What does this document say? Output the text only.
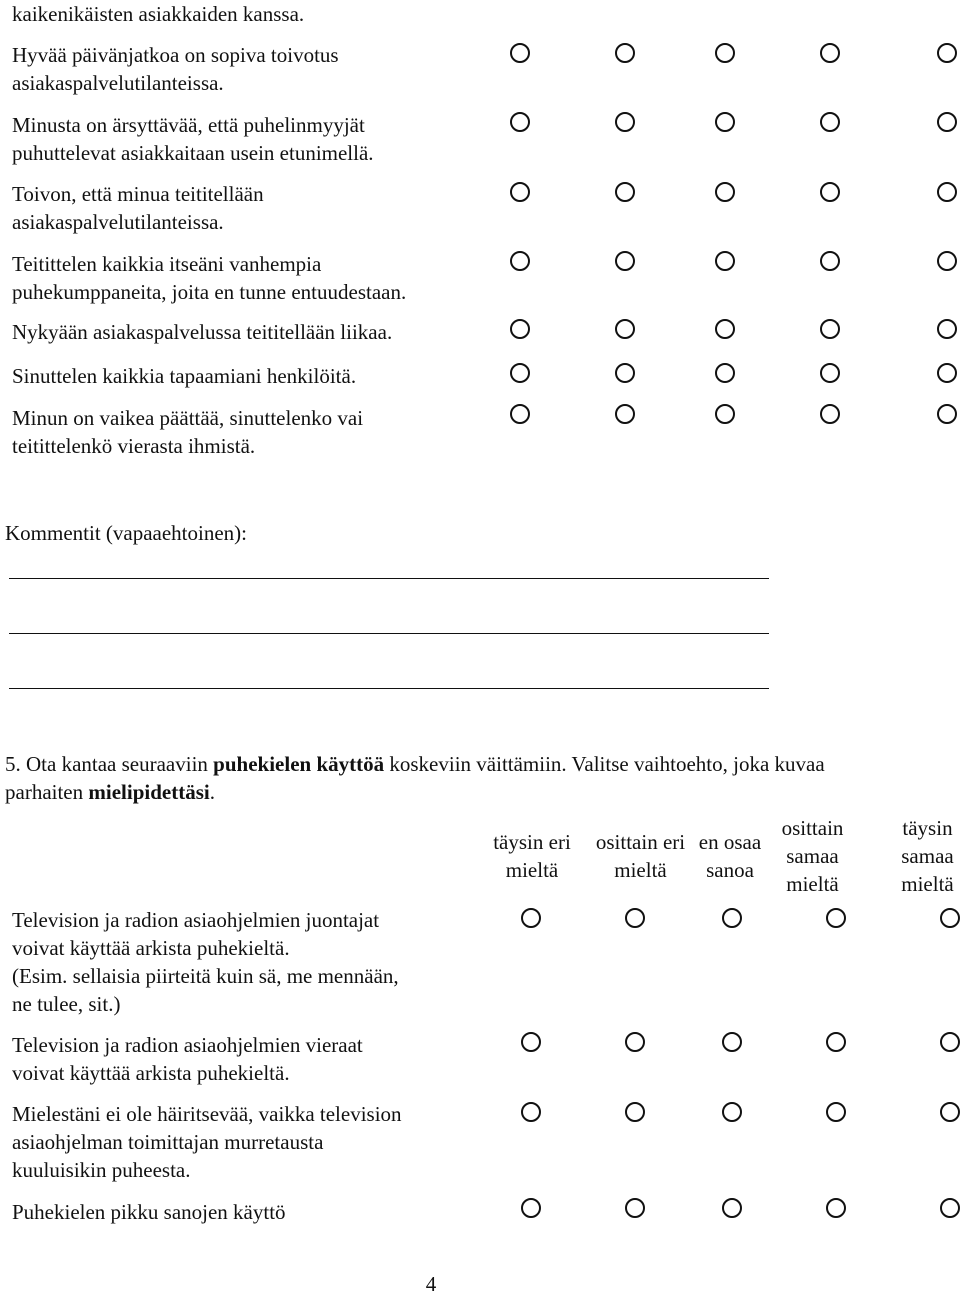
kaikenikäisten asiakkaiden kanssa.
Hyvää päivänjatkoa on sopiva toivotus
asiakaspalvelutilanteissa.
Minusta on ärsyttävää, että puhelinmyyjät
puhuttelevat asiakkaitaan usein etunimellä.
Toivon, että minua teititellään
asiakaspalvelutilanteissa.
Teitittelen kaikkia itseäni vanhempia
puhekumppaneita, joita en tunne entuudestaan.
Nykyään asiakaspalvelussa teititellään liikaa.
Sinuttelen kaikkia tapaamiani henkilöitä.
Minun on vaikea päättää, sinuttelenko vai
teitittelenkö vierasta ihmistä.
Kommentit (vapaaehtoinen):
5. Ota kantaa seuraaviin puhekielen käyttöä koskeviin väittämiin. Valitse vaihtoehto, joka kuvaa
parhaiten mielipidettäsi.
täysin eri
mieltä
osittain eri
mieltä
en osaa
sanoa
osittain
samaa
mieltä
täysin
samaa
mieltä
Television ja radion asiaohjelmien juontajat
voivat käyttää arkista puhekieltä.
(Esim. sellaisia piirteitä kuin sä, me mennään,
ne tulee, sit.)
Television ja radion asiaohjelmien vieraat
voivat käyttää arkista puhekieltä.
Mielestäni ei ole häiritsevää, vaikka television
asiaohjelman toimittajan murretausta
kuuluisikin puheesta.
Puhekielen pikku sanojen käyttö
4
